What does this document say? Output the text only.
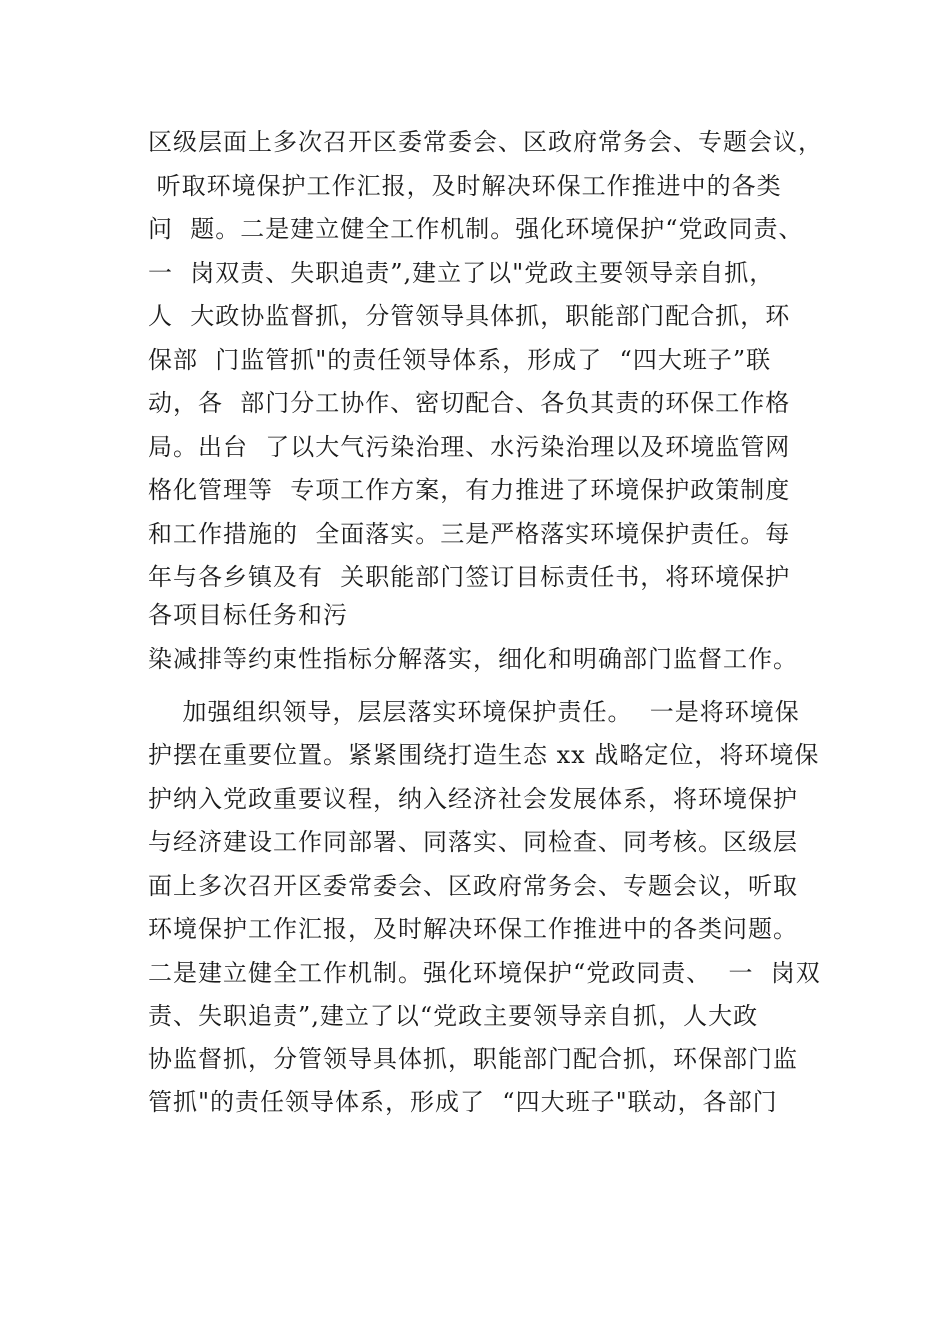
区级层面上多次召开区委常委会、区政府常务会、专题会议，
听取环境保护工作汇报，及时解决环保工作推进中的各类
问  题。二是建立健全工作机制。强化环境保护“党政同责、
一  岗双责、失职追责”,建立了以"党政主要领导亲自抓，
人  大政协监督抓，分管领导具体抓，职能部门配合抓，环
保部  门监管抓"的责任领导体系，形成了  “四大班子”联
动，各  部门分工协作、密切配合、各负其责的环保工作格
局。出台  了以大气污染治理、水污染治理以及环境监管网
格化管理等  专项工作方案，有力推进了环境保护政策制度
和工作措施的  全面落实。三是严格落实环境保护责任。每
年与各乡镇及有  关职能部门签订目标责任书，将环境保护
各项目标任务和污
染减排等约束性指标分解落实，细化和明确部门监督工作。
加强组织领导，层层落实环境保护责任。  一是将环境保
护摆在重要位置。紧紧围绕打造生态 xx 战略定位，将环境保
护纳入党政重要议程，纳入经济社会发展体系，将环境保护
与经济建设工作同部署、同落实、同检查、同考核。区级层
面上多次召开区委常委会、区政府常务会、专题会议，听取
环境保护工作汇报，及时解决环保工作推进中的各类问题。
二是建立健全工作机制。强化环境保护“党政同责、  一  岗双
责、失职追责”,建立了以“党政主要领导亲自抓，人大政
协监督抓，分管领导具体抓，职能部门配合抓，环保部门监
管抓"的责任领导体系，形成了  “四大班子"联动，各部门
